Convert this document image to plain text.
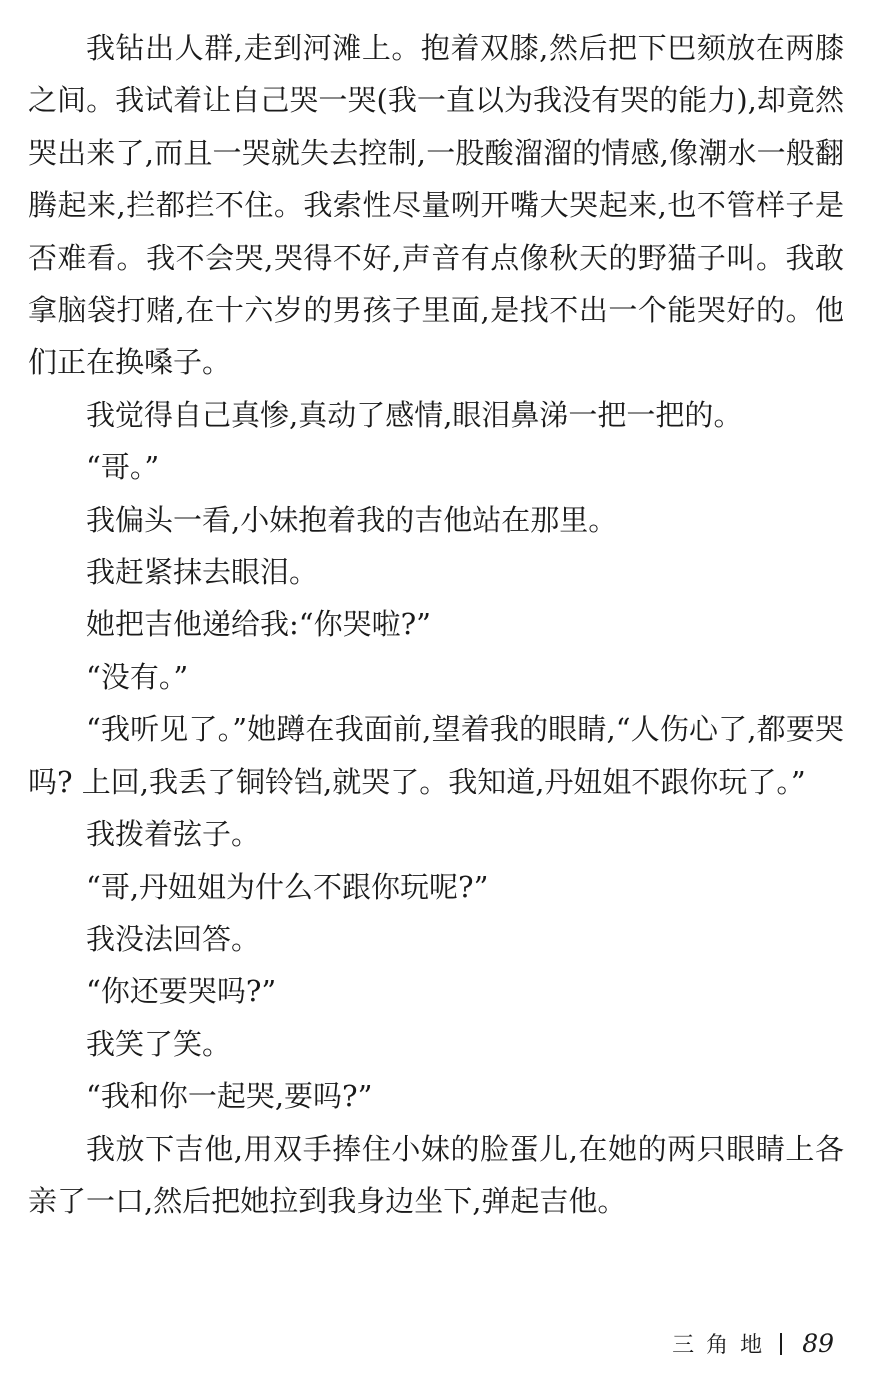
我钻出人群,走到河滩上。抱着双膝,然后把下巴颏放在两膝之间。我试着让自己哭一哭(我一直以为我没有哭的能力),却竟然哭出来了,而且一哭就失去控制,一股酸溜溜的情感,像潮水一般翻腾起来,拦都拦不住。我索性尽量咧开嘴大哭起来,也不管样子是否难看。我不会哭,哭得不好,声音有点像秋天的野猫子叫。我敢拿脑袋打赌,在十六岁的男孩子里面,是找不出一个能哭好的。他们正在换嗓子。

我觉得自己真惨,真动了感情,眼泪鼻涕一把一把的。

“哥。”

我偏头一看,小妹抱着我的吉他站在那里。

我赶紧抹去眼泪。

她把吉他递给我:“你哭啦?”

“没有。”

“我听见了。”她蹲在我面前,望着我的眼睛,“人伤心了,都要哭吗? 上回,我丢了铜铃铛,就哭了。我知道,丹妞姐不跟你玩了。”

我拨着弦子。

“哥,丹妞姐为什么不跟你玩呢?”

我没法回答。

“你还要哭吗?”

我笑了笑。

“我和你一起哭,要吗?”

我放下吉他,用双手捧住小妹的脸蛋儿,在她的两只眼睛上各亲了一口,然后把她拉到我身边坐下,弹起吉他。

三角地 89
